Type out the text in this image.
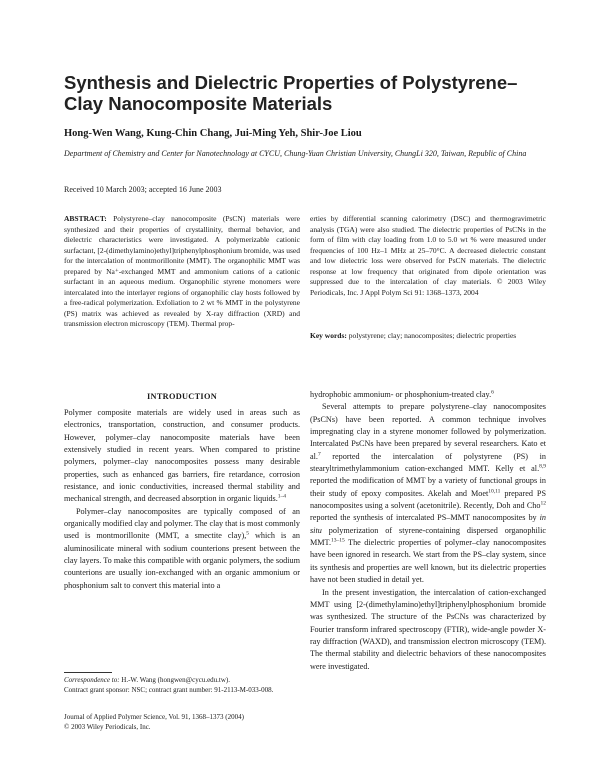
Synthesis and Dielectric Properties of Polystyrene–Clay Nanocomposite Materials
Hong-Wen Wang, Kung-Chin Chang, Jui-Ming Yeh, Shir-Joe Liou
Department of Chemistry and Center for Nanotechnology at CYCU, Chung-Yuan Christian University, ChungLi 320, Taiwan, Republic of China
Received 10 March 2003; accepted 16 June 2003
ABSTRACT: Polystyrene–clay nanocomposite (PsCN) materials were synthesized and their properties of crystallinity, thermal behavior, and dielectric characteristics were investigated. A polymerizable cationic surfactant, [2-(dimethylamino)ethyl]triphenylphosphonium bromide, was used for the intercalation of montmorillonite (MMT). The organophilic MMT was prepared by Na⁺-exchanged MMT and ammonium cations of a cationic surfactant in an aqueous medium. Organophilic styrene monomers were intercalated into the interlayer regions of organophilic clay hosts followed by a free-radical polymerization. Exfoliation to 2 wt % MMT in the polystyrene (PS) matrix was achieved as revealed by X-ray diffraction (XRD) and transmission electron microscopy (TEM). Thermal prop-
erties by differential scanning calorimetry (DSC) and thermogravimetric analysis (TGA) were also studied. The dielectric properties of PsCNs in the form of film with clay loading from 1.0 to 5.0 wt % were measured under frequencies of 100 Hz–1 MHz at 25–70°C. A decreased dielectric constant and low dielectric loss were observed for PsCN materials. The dielectric response at low frequency that originated from dipole orientation was suppressed due to the intercalation of clay materials. © 2003 Wiley Periodicals, Inc. J Appl Polym Sci 91: 1368–1373, 2004
Key words: polystyrene; clay; nanocomposites; dielectric properties
INTRODUCTION

Polymer composite materials are widely used in areas such as electronics, transportation, construction, and consumer products. However, polymer–clay nanocomposite materials have been extensively studied in recent years. When compared to pristine polymers, polymer–clay nanocomposites possess many desirable properties, such as enhanced gas barriers, fire retardance, corrosion resistance, and ionic conductivities, increased thermal stability and mechanical strength, and decreased absorption in organic liquids.$^{1-4}$

Polymer–clay nanocomposites are typically composed of an organically modified clay and polymer. The clay that is most commonly used is montmorillonite (MMT, a smectite clay),$^5$ which is an aluminosilicate mineral with sodium counterions present between the clay layers. To make this compatible with organic polymers, the sodium counterions are usually ion-exchanged with an organic ammonium or phosphonium salt to convert this material into a

hydrophobic ammonium- or phosphonium-treated clay.$^6$

Several attempts to prepare polystyrene–clay nanocomposites (PsCNs) have been reported. A common technique involves impregnating clay in a styrene monomer followed by polymerization. Intercalated PsCNs have been prepared by several researchers. Kato et al.$^7$ reported the intercalation of polystyrene (PS) in stearyltrimethylammonium cation-exchanged MMT. Kelly et al.$^{8,9}$ reported the modification of MMT by a variety of functional groups in their study of epoxy composites. Akelah and Moet$^{10,11}$ prepared PS nanocomposites using a solvent (acetonitrile). Recently, Doh and Cho$^{12}$ reported the synthesis of intercalated PS–MMT nanocomposites by in situ polymerization of styrene-containing dispersed organophilic MMT.$^{13-15}$ The dielectric properties of polymer–clay nanocomposites have been ignored in research. We start from the PS–clay system, since its synthesis and properties are well known, but its dielectric properties have not been studied in detail yet.

In the present investigation, the intercalation of cation-exchanged MMT using [2-(dimethylamino)ethyl]triphenylphosphonium bromide was synthesized. The structure of the PsCNs was characterized by Fourier transform infrared spectroscopy (FTIR), wide-angle powder X-ray diffraction (WAXD), and transmission electron microscopy (TEM). The thermal stability and dielectric behaviors of these nanocomposites were investigated.

Correspondence to: H.-W. Wang (hongwen@cycu.edu.tw).
Contract grant sponsor: NSC; contract grant number: 91-2113-M-033-008.
Journal of Applied Polymer Science, Vol. 91, 1368–1373 (2004)
© 2003 Wiley Periodicals, Inc.
